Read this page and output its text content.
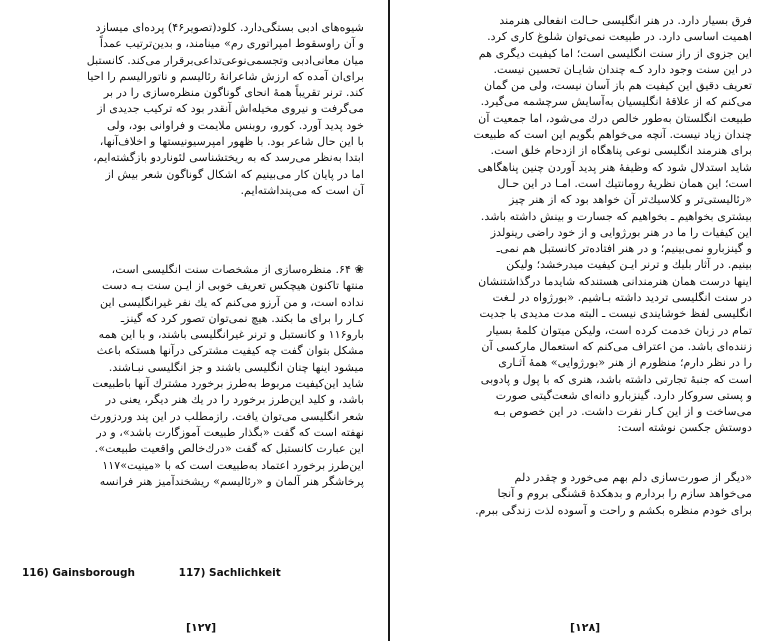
شیوه‌های ادبی بستگی‌دارد. کلود(تصویر۴۶) پرده‌ای میسازد
و آن راوسقوط امپراتوری رم» مینامند، و بدین‌ترتیب عمداً
میان معانی‌ادبی وتجسمی‌نوعی‌تداعی‌برقرار می‌کند. کانستبل
برای‌ان آمده که ارزش شاعرانهٔ رئالیسم و ناتورالیسم را احیا
کند. ترنر تقریباً همهٔ انحای گوناگون منظره‌سازی را در بر
می‌گرفت و نیروی مخیله‌اش آنقدر بود که ترکیب جدیدی از
خود پدید آورد. کورو، روبنس ملایمت و فراوانی بود، ولی
با این حال شاعر بود. با ظهور امپرسیونیستها و اخلاف‌آنها،
ابتدا به‌نظر می‌رسد که به ریختشناسی لئوناردو بازگشته‌ایم،
اما در پایان کار می‌بینیم که اشکال گوناگون شعر بیش از
آن است که می‌پنداشته‌ایم.
❀ ۶۴. منظره‌سازی از مشخصات سنت انگلیسی است،
منتها تاکنون هیچکس تعریف خوبی از ایـن سنت بـه دست
نداده است، و من آرزو می‌کنم که یك نفر غیرانگلیسی این
کـار را برای ما بکند. هیچ نمی‌توان تصور کرد که گینزـ
بارو۱۱۶ و کانستبل و ترنر غیرانگلیسی باشند، و با این همه
مشکل بتوان گفت چه کیفیت مشترکی درآنها هستکه باعث
میشود اینها چنان انگلیسی باشند و جز انگلیسی نبـاشند.
شاید این‌کیفیت مربوط به‌طرز برخورد مشترك آنها باطبیعت
باشد، و کلید این‌طرز برخورد را در یك هنر دیگر، یعنی در
شعر انگلیسی می‌توان یافت. رازمطلب در این پند وردزورث
نهفته است که گفت «بگذار طبیعت آموزگارت باشد»، و در
این عبارت کانستبل که گفت «درك‌خالص واقعیت طبیعت».
این‌طرز برخورد اعتماد به‌طبیعت است که با «مینیت»۱۱۷
پرخاشگر هنر آلمان و «رئالیسم» ریشخندآمیز هنر فرانسه
116) Gainsborough	117) Sachlichkeit
[۱۲۷]
فرق بسیار دارد. در هنر انگلیسی حـالت انفعالی هنرمند
اهمیت اساسی دارد. در طبیعت نمی‌توان شلوغ کاری کرد.
این جزوی از راز سنت انگلیسی است؛ اما کیفیت دیگری هم
در این سنت وجود دارد کـه چندان شایـان تحسین نیست.
تعریف دقیق این کیفیت هم باز آسان نیست، ولی من گمان
می‌کنم که از علاقهٔ انگلیسیان به‌آسایش سرچشمه می‌گیرد.
طبیعت انگلستان به‌طور خالص درك می‌شود، اما جمعیت آن
چندان زیاد نیست. آنچه می‌خواهم بگویم این است که طبیعت
برای هنرمند انگلیسی نوعی پناهگاه از ازدحام خلق است.
شاید استدلال شود که وظیفهٔ هنر پدید آوردن چنین پناهگاهی
است؛ این همان نظریهٔ رومانتیك است. امـا در این حـال
«رئالیستی‌تر و کلاسیك‌تر آن خواهد بود که از هنر چیز
بیشتری بخواهیم ـ بخواهیم که جسارت و بینش داشته باشد.
این کیفیات را ما در هنر بورژوایی و از خود راضی رینولدز
و گینزبارو نمی‌بینیم؛ و در هنر افتاده‌تر کانستبل هم نمی‌ـ
بینیم. در آثار بلیك و ترنر ایـن کیفیت میدرخشد؛ ولیکن
اینها درست همان هنرمندانی هستندکه شایدما درگذاشتنشان
در سنت انگلیسی تردید داشته بـاشیم. «بورژواه در لـغت
انگلیسی لفظ خوشایندی نیست ـ البته مدت مدیدی با جدیت
تمام در زبان خدمت کرده است، ولیکن میتوان کلمهٔ بسیار
زننده‌ای باشد. من اعتراف می‌کنم که استعمال مارکسی آن
را در نظر دارم؛ منظورم از هنر «بورژوایی» همهٔ آثـاری
است که جنبهٔ تجارتی داشته باشد، هنری که با پول و پادوبی
و پستی سروکار دارد. گینزبارو دانه‌ای شعت‌گیتی صورت
می‌ساخت و از این کـار نفرت داشت. در این خصوص بـه
دوستش جکسن نوشته است:
«دیگر از صورت‌سازی دلم بهم می‌خورد و چقدر دلم
می‌خواهد سازم را بردارم و بدهکدهٔ قشنگی بروم و آنجا
برای خودم منظره بکشم و راحت و آسوده لذت زندگی ببرم.
[۱۲۸]
